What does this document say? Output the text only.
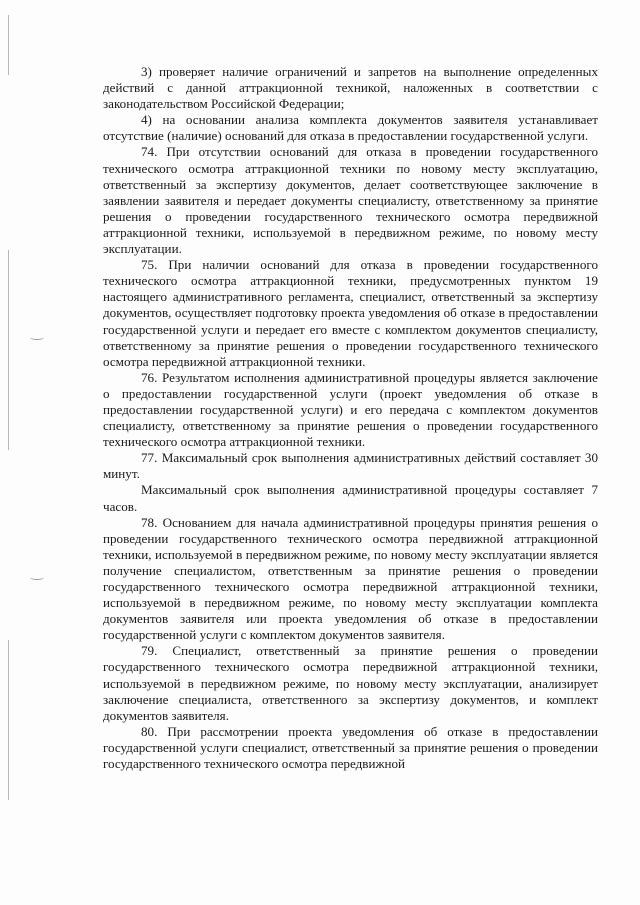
3) проверяет наличие ограничений и запретов на выполнение определенных действий с данной аттракционной техникой, наложенных в соответствии с законодательством Российской Федерации;

4) на основании анализа комплекта документов заявителя устанавливает отсутствие (наличие) оснований для отказа в предоставлении государственной услуги.

74. При отсутствии оснований для отказа в проведении государственного технического осмотра аттракционной техники по новому месту эксплуатацию, ответственный за экспертизу документов, делает соответствующее заключение в заявлении заявителя и передает документы специалисту, ответственному за принятие решения о проведении государственного технического осмотра передвижной аттракционной техники, используемой в передвижном режиме, по новому месту эксплуатации.

75. При наличии оснований для отказа в проведении государственного технического осмотра аттракционной техники, предусмотренных пунктом 19 настоящего административного регламента, специалист, ответственный за экспертизу документов, осуществляет подготовку проекта уведомления об отказе в предоставлении государственной услуги и передает его вместе с комплектом документов специалисту, ответственному за принятие решения о проведении государственного технического осмотра передвижной аттракционной техники.

76. Результатом исполнения административной процедуры является заключение о предоставлении государственной услуги (проект уведомления об отказе в предоставлении государственной услуги) и его передача с комплектом документов специалисту, ответственному за принятие решения о проведении государственного технического осмотра аттракционной техники.

77. Максимальный срок выполнения административных действий составляет 30 минут.

Максимальный срок выполнения административной процедуры составляет 7 часов.

78. Основанием для начала административной процедуры принятия решения о проведении государственного технического осмотра передвижной аттракционной техники, используемой в передвижном режиме, по новому месту эксплуатации является получение специалистом, ответственным за принятие решения о проведении государственного технического осмотра передвижной аттракционной техники, используемой в передвижном режиме, по новому месту эксплуатации комплекта документов заявителя или проекта уведомления об отказе в предоставлении государственной услуги с комплектом документов заявителя.

79. Специалист, ответственный за принятие решения о проведении государственного технического осмотра передвижной аттракционной техники, используемой в передвижном режиме, по новому месту эксплуатации, анализирует заключение специалиста, ответственного за экспертизу документов, и комплект документов заявителя.

80. При рассмотрении проекта уведомления об отказе в предоставлении государственной услуги специалист, ответственный за принятие решения о проведении государственного технического осмотра передвижной
